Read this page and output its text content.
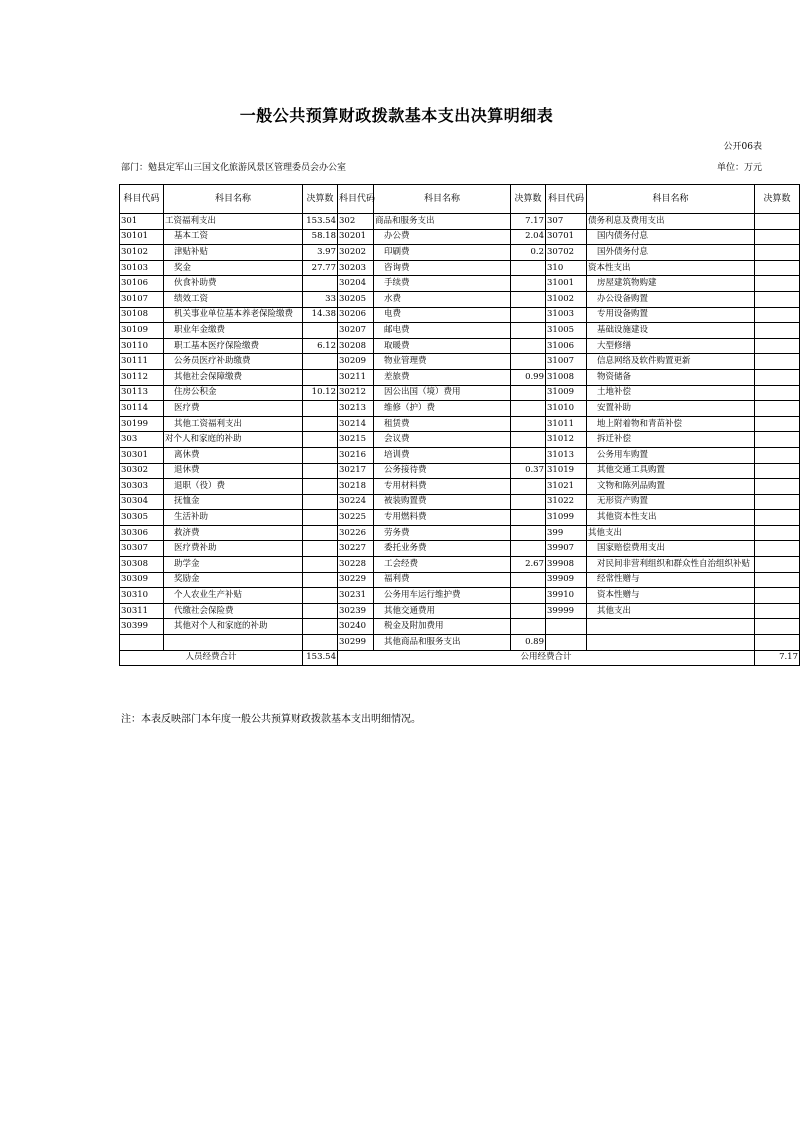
一般公共预算财政拨款基本支出决算明细表
公开06表
部门：勉县定军山三国文化旅游风景区管理委员会办公室	单位：万元
科目代码	科目名称	决算数	科目代码	科目名称	决算数	科目代码	科目名称	决算数
301	工资福利支出	153.54	302	商品和服务支出	7.17	307	债务利息及费用支出	
30101	基本工资	58.18	30201	办公费	2.04	30701	国内债务付息	
30102	津贴补贴	3.97	30202	印刷费	0.2	30702	国外债务付息	
30103	奖金	27.77	30203	咨询费		310	资本性支出	
30106	伙食补助费		30204	手续费		31001	房屋建筑物购建	
30107	绩效工资	33	30205	水费		31002	办公设备购置	
30108	机关事业单位基本养老保险缴费	14.38	30206	电费		31003	专用设备购置	
30109	职业年金缴费		30207	邮电费		31005	基础设施建设	
30110	职工基本医疗保险缴费	6.12	30208	取暖费		31006	大型修缮	
30111	公务员医疗补助缴费		30209	物业管理费		31007	信息网络及软件购置更新	
30112	其他社会保障缴费		30211	差旅费	0.99	31008	物资储备	
30113	住房公积金	10.12	30212	因公出国（境）费用		31009	土地补偿	
30114	医疗费		30213	维修（护）费		31010	安置补助	
30199	其他工资福利支出		30214	租赁费		31011	地上附着物和青苗补偿	
303	对个人和家庭的补助		30215	会议费		31012	拆迁补偿	
30301	离休费		30216	培训费		31013	公务用车购置	
30302	退休费		30217	公务接待费	0.37	31019	其他交通工具购置	
30303	退职（役）费		30218	专用材料费		31021	文物和陈列品购置	
30304	抚恤金		30224	被装购置费		31022	无形资产购置	
30305	生活补助		30225	专用燃料费		31099	其他资本性支出	
30306	救济费		30226	劳务费		399	其他支出	
30307	医疗费补助		30227	委托业务费		39907	国家赔偿费用支出	
30308	助学金		30228	工会经费	2.67	39908	对民间非营利组织和群众性自治组织补贴	
30309	奖励金		30229	福利费		39909	经常性赠与	
30310	个人农业生产补贴		30231	公务用车运行维护费		39910	资本性赠与	
30311	代缴社会保险费		30239	其他交通费用		39999	其他支出	
30399	其他对个人和家庭的补助		30240	税金及附加费用				
			30299	其他商品和服务支出	0.89			
人员经费合计		153.54	公用经费合计					7.17
注：本表反映部门本年度一般公共预算财政拨款基本支出明细情况。
